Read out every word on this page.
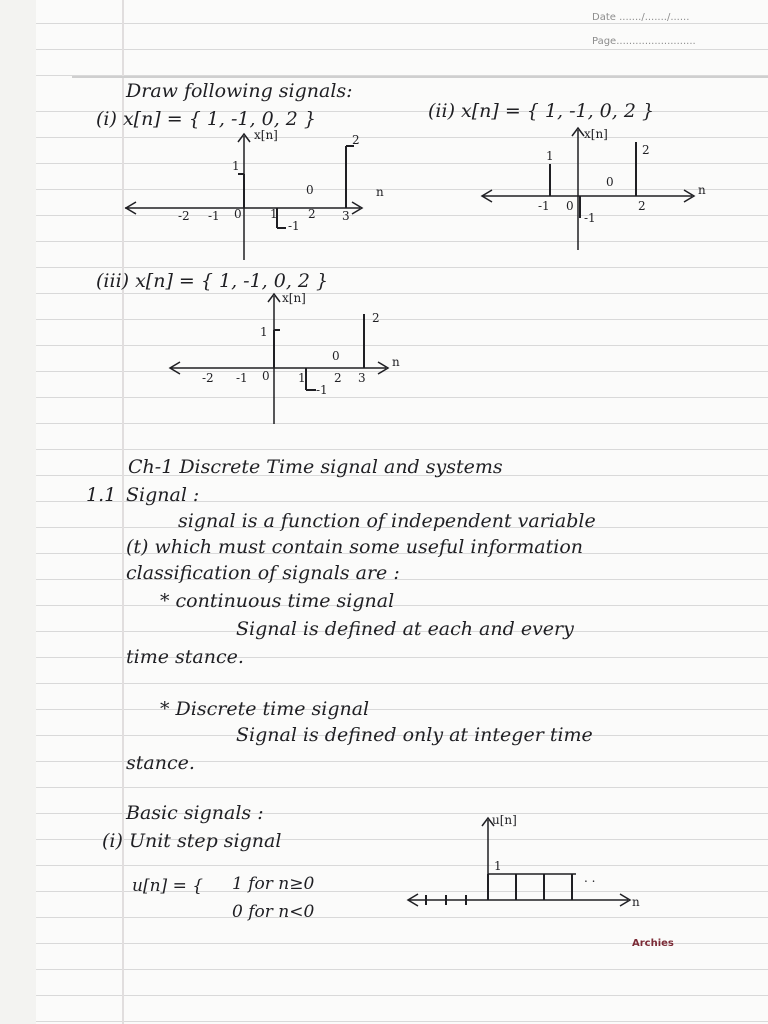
Date ......./......./......
Page.........................
Draw following signals:
(i) x[n] = { 1, -1, 0, 2 }	(ii) x[n] = { 1, -1, 0, 2 }
x[n]
n
-2 -1 0 1	2 3
1
2
0
-1
x[n]
n
-1 0	2
1	2
0
-1
(iii) x[n] = { 1, -1, 0, 2 }
x[n]
n
-2 -1 0 1 2 3
1
2
0
-1
Ch-1 Discrete Time signal and systems
1.1 Signal :
signal is a function of independent variable
(t) which must contain some useful information
classification of signals are :
* continuous time signal
Signal is defined at each and every
time stance.
* Discrete time signal
Signal is defined only at integer time
stance.
Basic signals :
(i) Unit step signal
u[n] = { 1 for n≥0
0 for n<0
u[n]
1
n
. .
Archies
